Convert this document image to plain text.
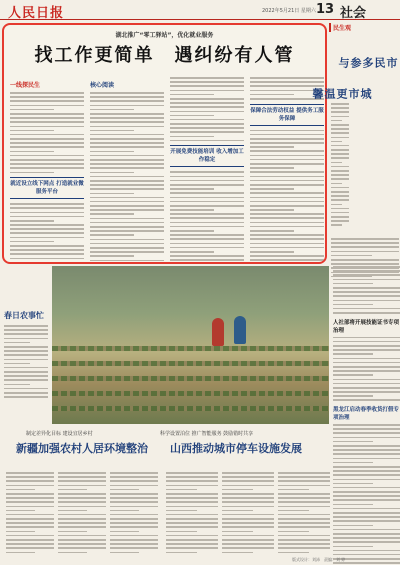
人民日报	2022年5月21日 星期六 13 社会
湖北推广“零工驿站”，优化就业服务
找工作更简单　遇纠纷有人管
一线探民生
就近设立线下网点 打造就业微服务平台
核心阅读
开展免费技能培训 收入增加工作稳定
保障合法劳动权益 提供务工服务保障
民生观
市民多参与
城市更温馨
春日农事忙
人社部将开展技能证书专项治理
黑龙江启动春季收货打假专项治理
制定差异化目标 建设宜居乡村
新疆加强农村人居环境整治
科学设置泊位 推广智能服务 鼓励错时共享
山西推动城市停车设施发展
版式设计：刘沛　责编：刘 婷
